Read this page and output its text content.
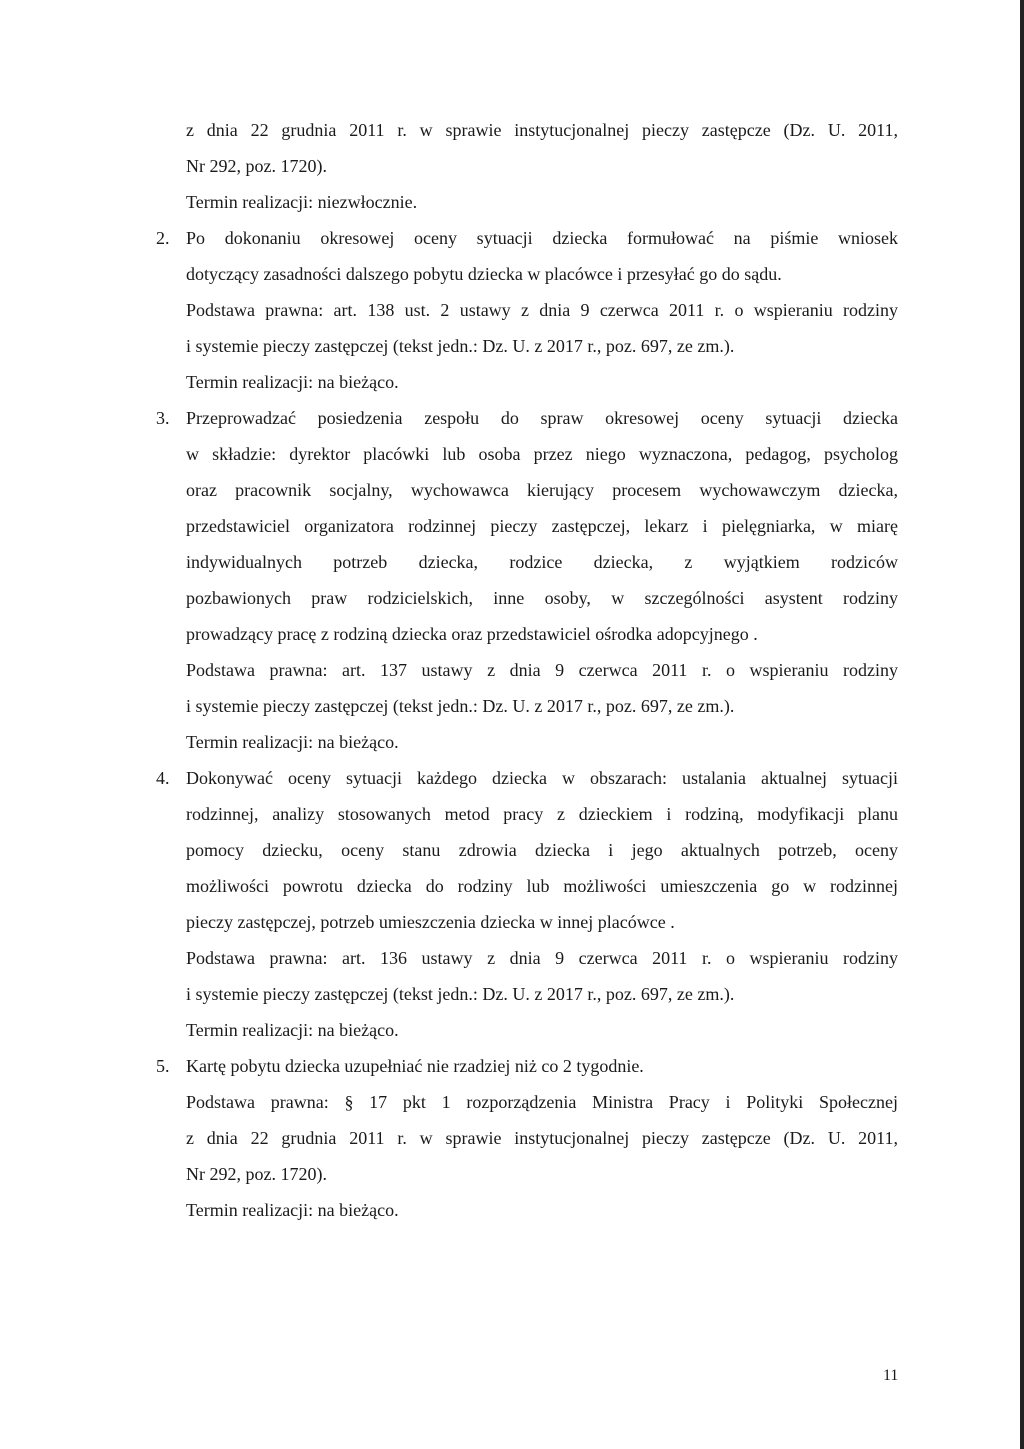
z dnia 22 grudnia 2011 r. w sprawie instytucjonalnej pieczy zastępcze (Dz. U. 2011,
Nr 292, poz. 1720).
Termin realizacji: niezwłocznie.
2. Po dokonaniu okresowej oceny sytuacji dziecka formułować na piśmie wniosek
dotyczący zasadności dalszego pobytu dziecka w placówce i przesyłać go do sądu.
Podstawa prawna: art. 138 ust. 2 ustawy z dnia 9 czerwca 2011 r. o wspieraniu rodziny
i systemie pieczy zastępczej (tekst jedn.: Dz. U. z 2017 r., poz. 697, ze zm.).
Termin realizacji: na bieżąco.
3. Przeprowadzać posiedzenia zespołu do spraw okresowej oceny sytuacji dziecka
w składzie: dyrektor placówki lub osoba przez niego wyznaczona, pedagog, psycholog
oraz pracownik socjalny, wychowawca kierujący procesem wychowawczym dziecka,
przedstawiciel organizatora rodzinnej pieczy zastępczej, lekarz i pielęgniarka, w miarę
indywidualnych potrzeb dziecka, rodzice dziecka, z wyjątkiem rodziców
pozbawionych praw rodzicielskich, inne osoby, w szczególności asystent rodziny
prowadzący pracę z rodziną dziecka oraz przedstawiciel ośrodka adopcyjnego .
Podstawa prawna: art. 137 ustawy z dnia 9 czerwca 2011 r. o wspieraniu rodziny
i systemie pieczy zastępczej (tekst jedn.: Dz. U. z 2017 r., poz. 697, ze zm.).
Termin realizacji: na bieżąco.
4. Dokonywać oceny sytuacji każdego dziecka w obszarach: ustalania aktualnej sytuacji
rodzinnej, analizy stosowanych metod pracy z dzieckiem i rodziną, modyfikacji planu
pomocy dziecku, oceny stanu zdrowia dziecka i jego aktualnych potrzeb, oceny
możliwości powrotu dziecka do rodziny lub możliwości umieszczenia go w rodzinnej
pieczy zastępczej, potrzeb umieszczenia dziecka w innej placówce .
Podstawa prawna: art. 136 ustawy z dnia 9 czerwca 2011 r. o wspieraniu rodziny
i systemie pieczy zastępczej (tekst jedn.: Dz. U. z 2017 r., poz. 697, ze zm.).
Termin realizacji: na bieżąco.
5. Kartę pobytu dziecka uzupełniać nie rzadziej niż co 2 tygodnie.
Podstawa prawna: § 17 pkt 1 rozporządzenia Ministra Pracy i Polityki Społecznej
z dnia 22 grudnia 2011 r. w sprawie instytucjonalnej pieczy zastępcze (Dz. U. 2011,
Nr 292, poz. 1720).
Termin realizacji: na bieżąco.
11
